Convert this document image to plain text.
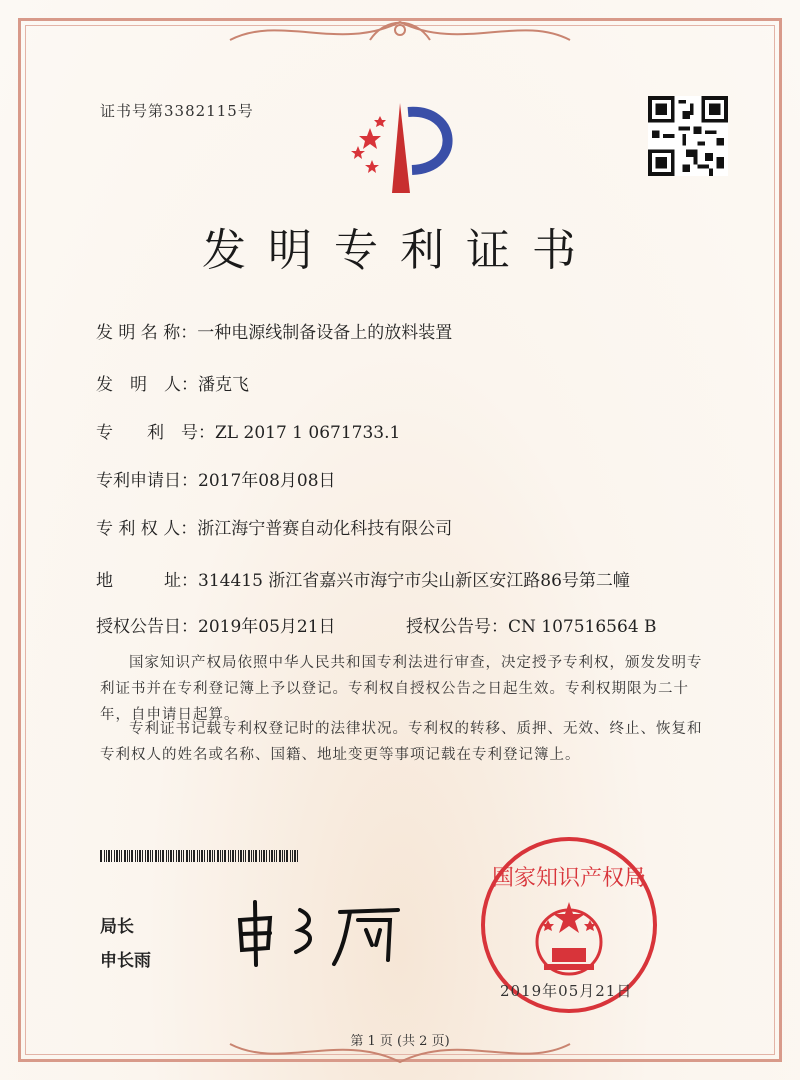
证书号第3382115号
发明专利证书
发 明 名 称：一种电源线制备设备上的放料装置
发　明　人：潘克飞
专　　利　号：ZL 2017 1 0671733.1
专利申请日：2017年08月08日
专 利 权 人：浙江海宁普赛自动化科技有限公司
地　　　址：314415 浙江省嘉兴市海宁市尖山新区安江路86号第二幢
授权公告日：2019年05月21日	授权公告号：CN 107516564 B
国家知识产权局依照中华人民共和国专利法进行审查，决定授予专利权，颁发发明专利证书并在专利登记簿上予以登记。专利权自授权公告之日起生效。专利权期限为二十年，自申请日起算。
专利证书记载专利权登记时的法律状况。专利权的转移、质押、无效、终止、恢复和专利权人的姓名或名称、国籍、地址变更等事项记载在专利登记簿上。
局长
申长雨
国家知识产权局
2019年05月21日
第 1 页 (共 2 页)
